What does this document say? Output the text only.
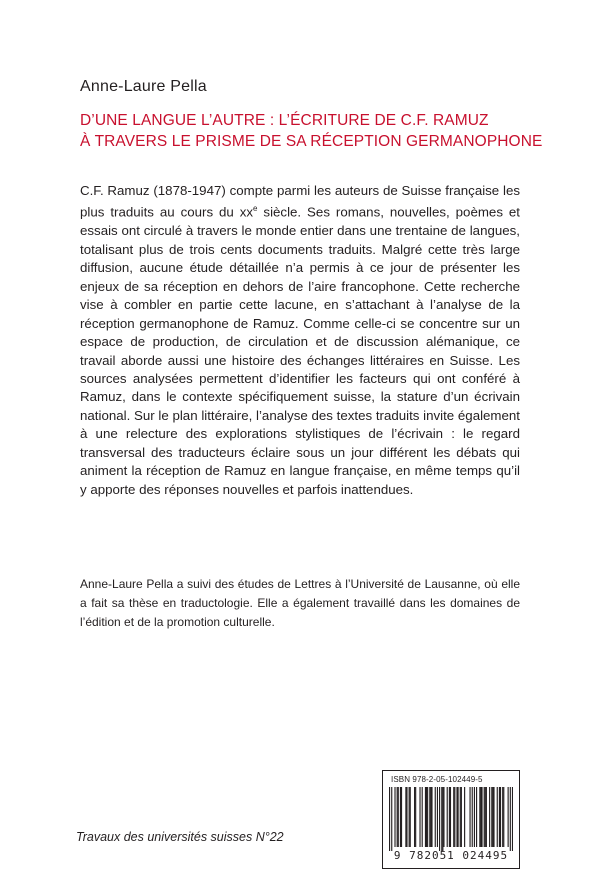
Anne-Laure Pella
D’UNE LANGUE L’AUTRE : L’ÉCRITURE DE C.F. RAMUZ
À TRAVERS LE PRISME DE SA RÉCEPTION GERMANOPHONE

C.F. Ramuz (1878-1947) compte parmi les auteurs de Suisse française les plus traduits au cours du $xx^e$ siècle. Ses romans, nouvelles, poèmes et essais ont circulé à travers le monde entier dans une trentaine de langues, totalisant plus de trois cents documents traduits. Malgré cette très large diffusion, aucune étude détaillée n’a permis à ce jour de présenter les enjeux de sa réception en dehors de l’aire francophone. Cette recherche vise à combler en partie cette lacune, en s’attachant à l’analyse de la réception germanophone de Ramuz. Comme celle-ci se concentre sur un espace de production, de circulation et de discussion alémanique, ce travail aborde aussi une histoire des échanges littéraires en Suisse. Les sources analysées permettent d’identifier les facteurs qui ont conféré à Ramuz, dans le contexte spécifiquement suisse, la stature d’un écrivain national. Sur le plan littéraire, l’analyse des textes traduits invite également à une relecture des explorations stylistiques de l’écrivain : le regard transversal des traducteurs éclaire sous un jour différent les débats qui animent la réception de Ramuz en langue française, en même temps qu’il y apporte des réponses nouvelles et parfois inattendues.

Anne-Laure Pella a suivi des études de Lettres à l’Université de Lausanne, où elle a fait sa thèse en traductologie. Elle a également travaillé dans les domaines de l’édition et de la promotion culturelle.

Travaux des universités suisses N°22

ISBN 978-2-05-102449-5
9 782051 024495
